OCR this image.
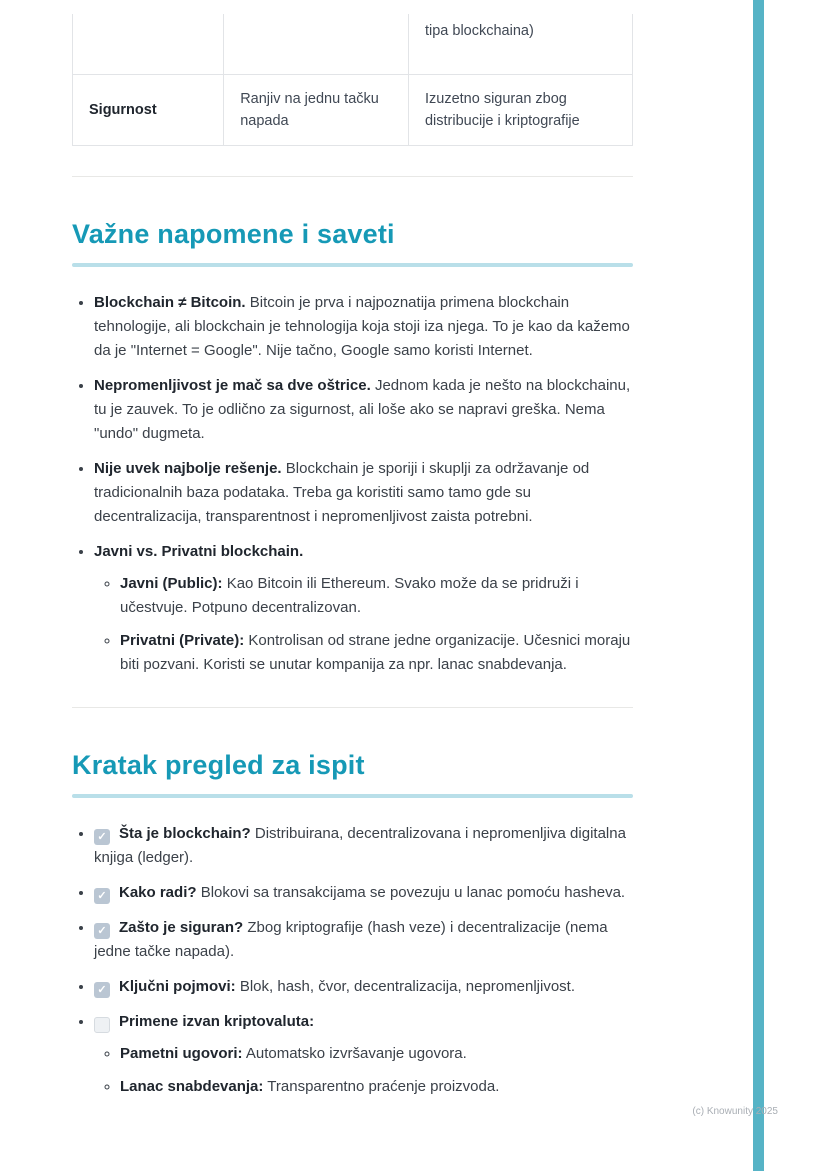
		tipa blockchaina)
Sigurnost	Ranjiv na jednu tačku napada	Izuzetno siguran zbog distribucije i kriptografije
Važne napomene i saveti
• Blockchain ≠ Bitcoin. Bitcoin je prva i najpoznatija primena blockchain tehnologije, ali blockchain je tehnologija koja stoji iza njega. To je kao da kažemo da je "Internet = Google". Nije tačno, Google samo koristi Internet.
• Nepromenljivost je mač sa dve oštrice. Jednom kada je nešto na blockchainu, tu je zauvek. To je odlično za sigurnost, ali loše ako se napravi greška. Nema "undo" dugmeta.
• Nije uvek najbolje rešenje. Blockchain je sporiji i skuplji za održavanje od tradicionalnih baza podataka. Treba ga koristiti samo tamo gde su decentralizacija, transparentnost i nepromenljivost zaista potrebni.
• Javni vs. Privatni blockchain.
◦ Javni (Public): Kao Bitcoin ili Ethereum. Svako može da se pridruži i učestvuje. Potpuno decentralizovan.
◦ Privatni (Private): Kontrolisan od strane jedne organizacije. Učesnici moraju biti pozvani. Koristi se unutar kompanija za npr. lanac snabdevanja.
Kratak pregled za ispit
• ✓ Šta je blockchain? Distribuirana, decentralizovana i nepromenljiva digitalna knjiga (ledger).
• ✓ Kako radi? Blokovi sa transakcijama se povezuju u lanac pomoću hasheva.
• ✓ Zašto je siguran? Zbog kriptografije (hash veze) i decentralizacije (nema jedne tačke napada).
• ✓ Ključni pojmovi: Blok, hash, čvor, decentralizacija, nepromenljivost.
• Primene izvan kriptovaluta:
◦ Pametni ugovori: Automatsko izvršavanje ugovora.
◦ Lanac snabdevanja: Transparentno praćenje proizvoda.
(c) Knowunity 2025
